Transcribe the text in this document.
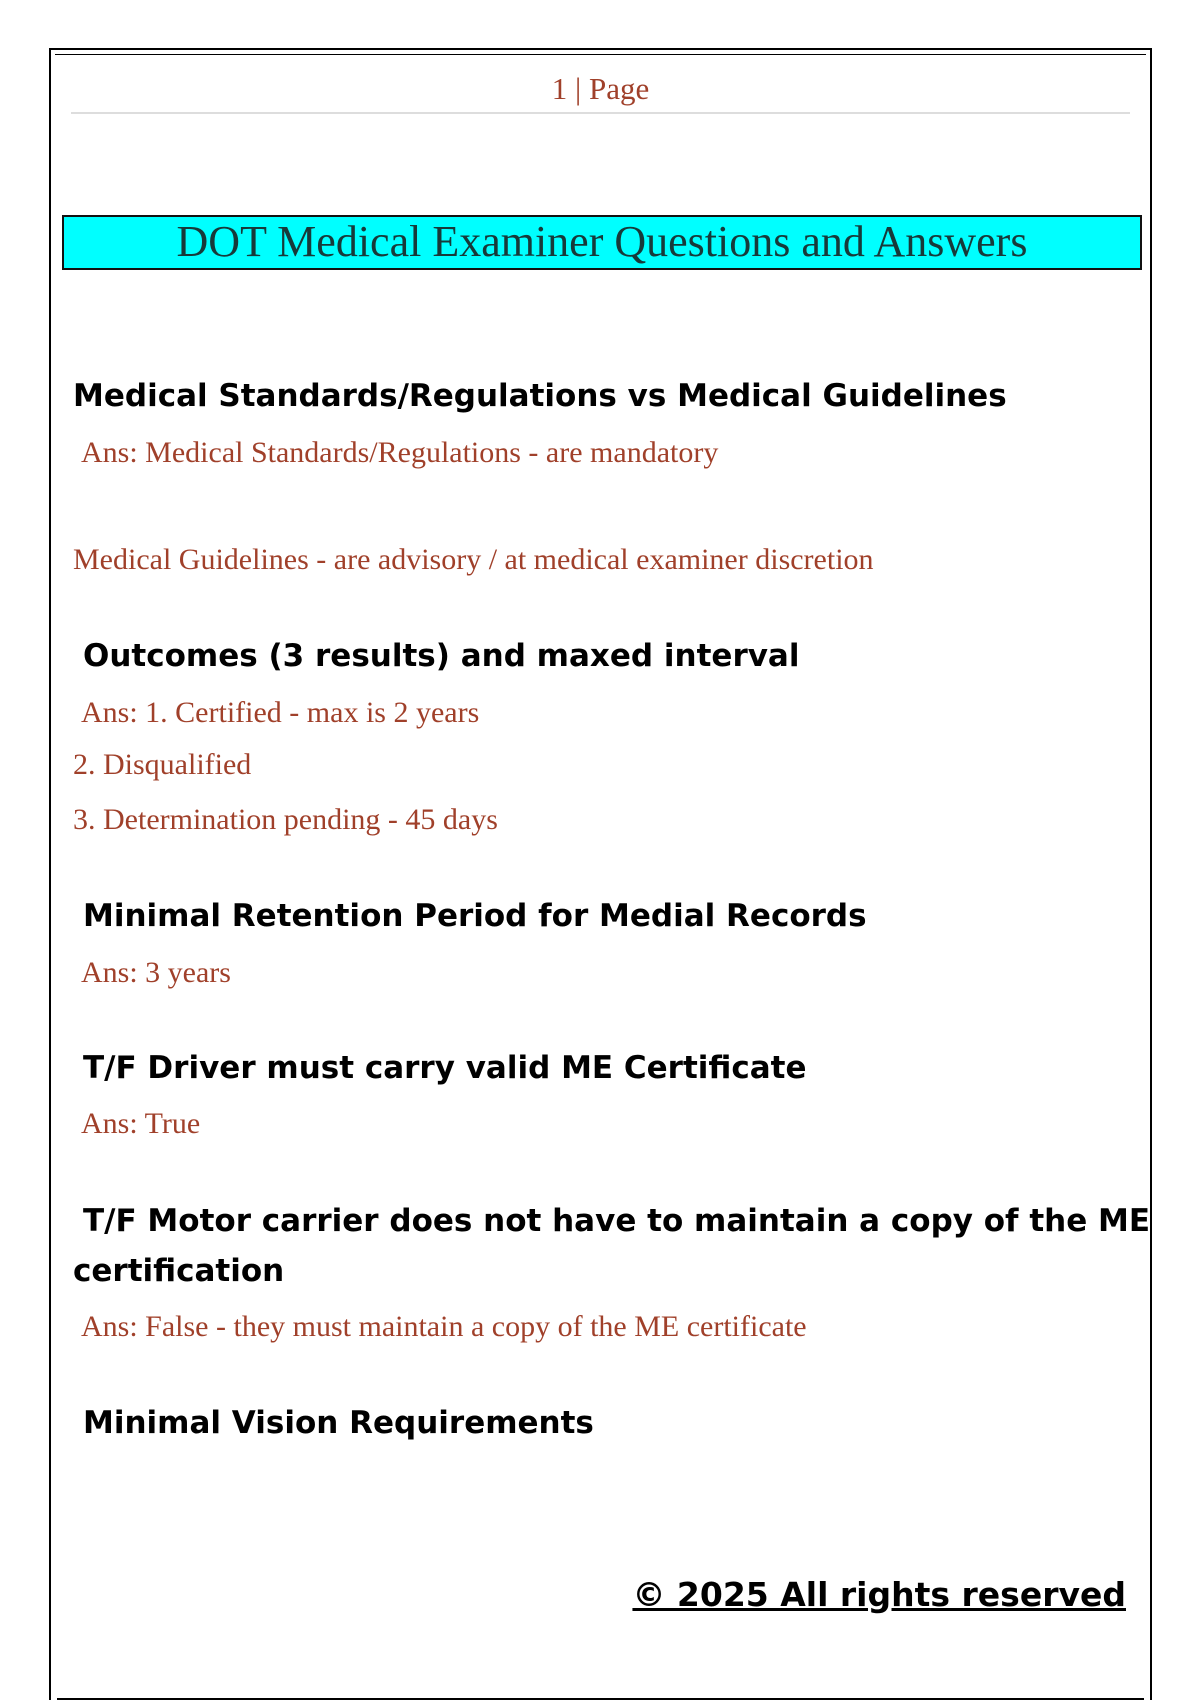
1 | Page
DOT Medical Examiner Questions and Answers
Medical Standards/Regulations vs Medical Guidelines
Ans: Medical Standards/Regulations - are mandatory
Medical Guidelines - are advisory / at medical examiner discretion
Outcomes (3 results) and maxed interval
Ans: 1. Certified - max is 2 years
2. Disqualified
3. Determination pending - 45 days
Minimal Retention Period for Medial Records
Ans: 3 years
T/F Driver must carry valid ME Certificate
Ans: True
T/F Motor carrier does not have to maintain a copy of the ME
certification
Ans: False - they must maintain a copy of the ME certificate
Minimal Vision Requirements
© 2025 All rights reserved
